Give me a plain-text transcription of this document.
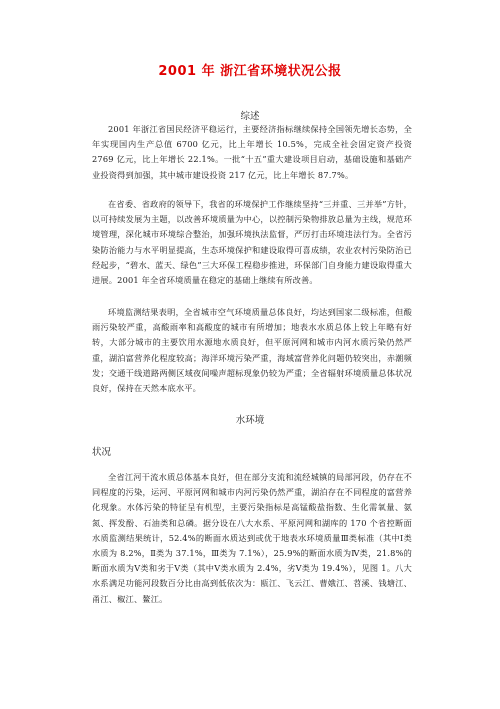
2001 年 浙江省环境状况公报
综述

2001 年浙江省国民经济平稳运行，主要经济指标继续保持全国领先增长态势，全年实现国内生产总值 6700 亿元，比上年增长 10.5%，完成全社会固定资产投资 2769 亿元，比上年增长 22.1%。一批“十五”重大建设项目启动，基础设施和基础产业投资得到加强，其中城市建设投资 217 亿元，比上年增长 87.7%。

在省委、省政府的领导下，我省的环境保护工作继续坚持“三并重、三并举”方针，以可持续发展为主题，以改善环境质量为中心，以控制污染物排放总量为主线，规范环境管理，深化城市环境综合整治，加强环境执法监督，严厉打击环境违法行为。全省污染防治能力与水平明显提高，生态环境保护和建设取得可喜成绩，农业农村污染防治已经起步，“碧水、蓝天、绿色”三大环保工程稳步推进，环保部门自身能力建设取得重大进展。2001 年全省环境质量在稳定的基础上继续有所改善。

环境监测结果表明，全省城市空气环境质量总体良好，均达到国家二级标准，但酸雨污染较严重，高酸雨率和高酸度的城市有所增加；地表水水质总体上较上年略有好转，大部分城市的主要饮用水源地水质良好，但平原河网和城市内河水质污染仍然严重，湖泊富营养化程度较高；海洋环境污染严重，海域富营养化问题仍较突出，赤潮频发；交通干线道路两侧区域夜间噪声超标现象仍较为严重；全省辐射环境质量总体状况良好，保持在天然本底水平。

水环境
状况

全省江河干流水质总体基本良好，但在部分支流和流经城镇的局部河段，仍存在不同程度的污染，运河、平原河网和城市内河污染仍然严重，湖泊存在不同程度的富营养化现象。水体污染的特征呈有机型，主要污染指标是高锰酸盐指数、生化需氧量、氨氮、挥发酚、石油类和总磷。据分设在八大水系、平原河网和湖库的 170 个省控断面水质监测结果统计，52.4%的断面水质达到或优于地表水环境质量Ⅲ类标准（其中Ⅰ类水质为 8.2%，Ⅱ类为 37.1%，Ⅲ类为 7.1%），25.9%的断面水质为Ⅳ类，21.8%的断面水质为Ⅴ类和劣于Ⅴ类（其中Ⅴ类水质为 2.4%，劣Ⅴ类为 19.4%），见图 1。八大水系满足功能河段数百分比由高到低依次为：瓯江、飞云江、曹娥江、苕溪、钱塘江、甬江、椒江、鳌江。
